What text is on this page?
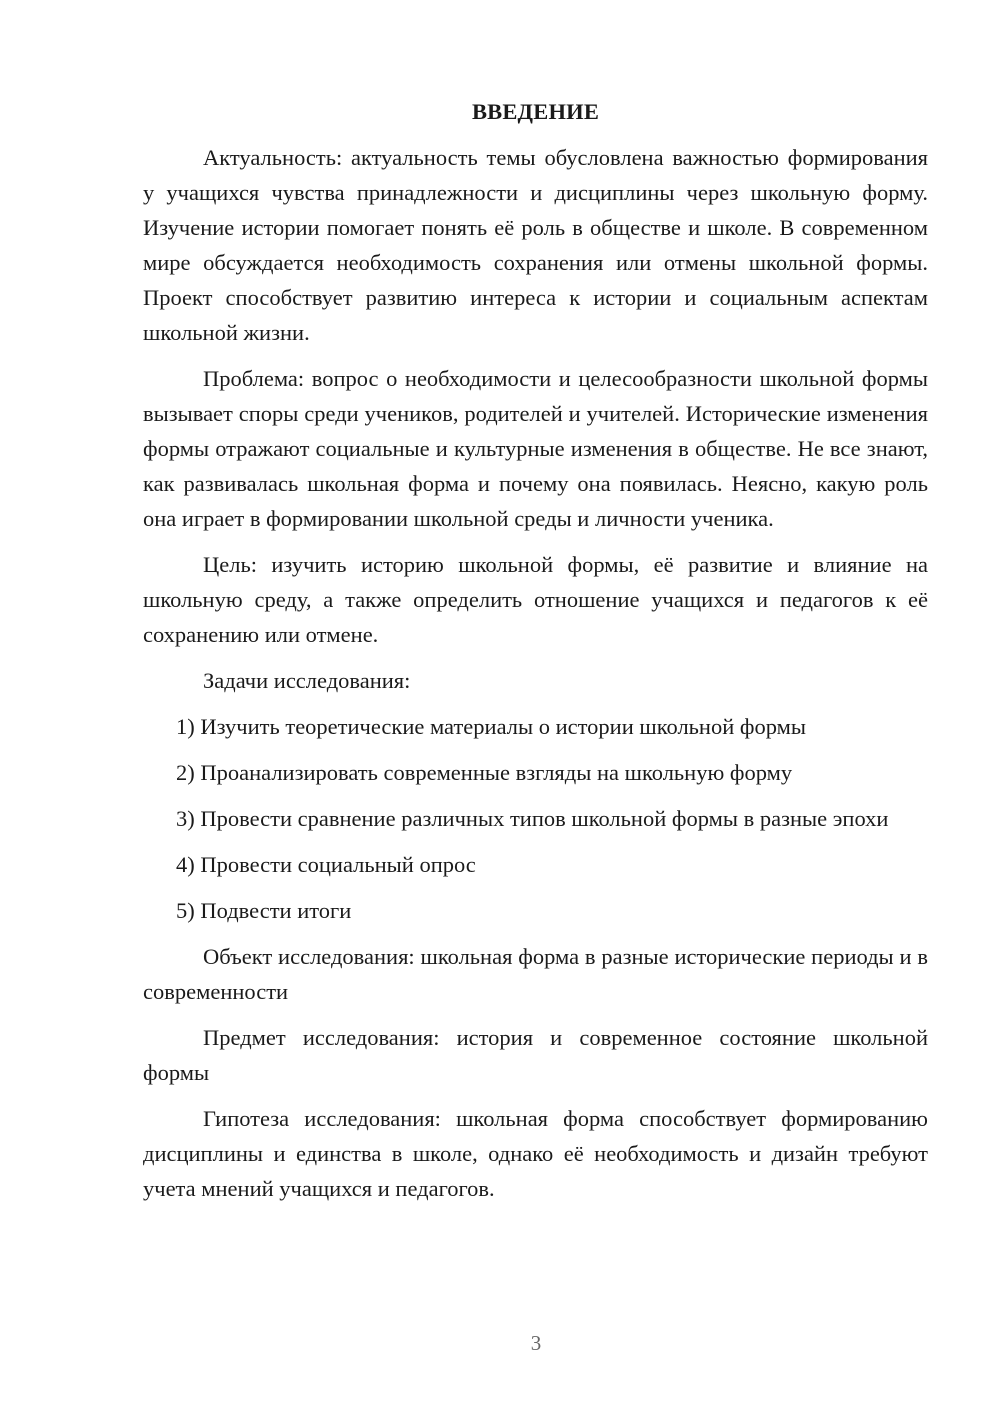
ВВЕДЕНИЕ

Актуальность: актуальность темы обусловлена важностью формирования у учащихся чувства принадлежности и дисциплины через школьную форму. Изучение истории помогает понять её роль в обществе и школе. В современном мире обсуждается необходимость сохранения или отмены школьной формы. Проект способствует развитию интереса к истории и социальным аспектам школьной жизни.

Проблема: вопрос о необходимости и целесообразности школьной формы вызывает споры среди учеников, родителей и учителей. Исторические изменения формы отражают социальные и культурные изменения в обществе. Не все знают, как развивалась школьная форма и почему она появилась. Неясно, какую роль она играет в формировании школьной среды и личности ученика.

Цель: изучить историю школьной формы, её развитие и влияние на школьную среду, а также определить отношение учащихся и педагогов к её сохранению или отмене.

Задачи исследования:

1) Изучить теоретические материалы о истории школьной формы

2) Проанализировать современные взгляды на школьную форму

3) Провести сравнение различных типов школьной формы в разные эпохи

4) Провести социальный опрос

5) Подвести итоги

Объект исследования: школьная форма в разные исторические периоды и в современности

Предмет исследования: история и современное состояние школьной формы

Гипотеза исследования: школьная форма способствует формированию дисциплины и единства в школе, однако её необходимость и дизайн требуют учета мнений учащихся и педагогов.

3
